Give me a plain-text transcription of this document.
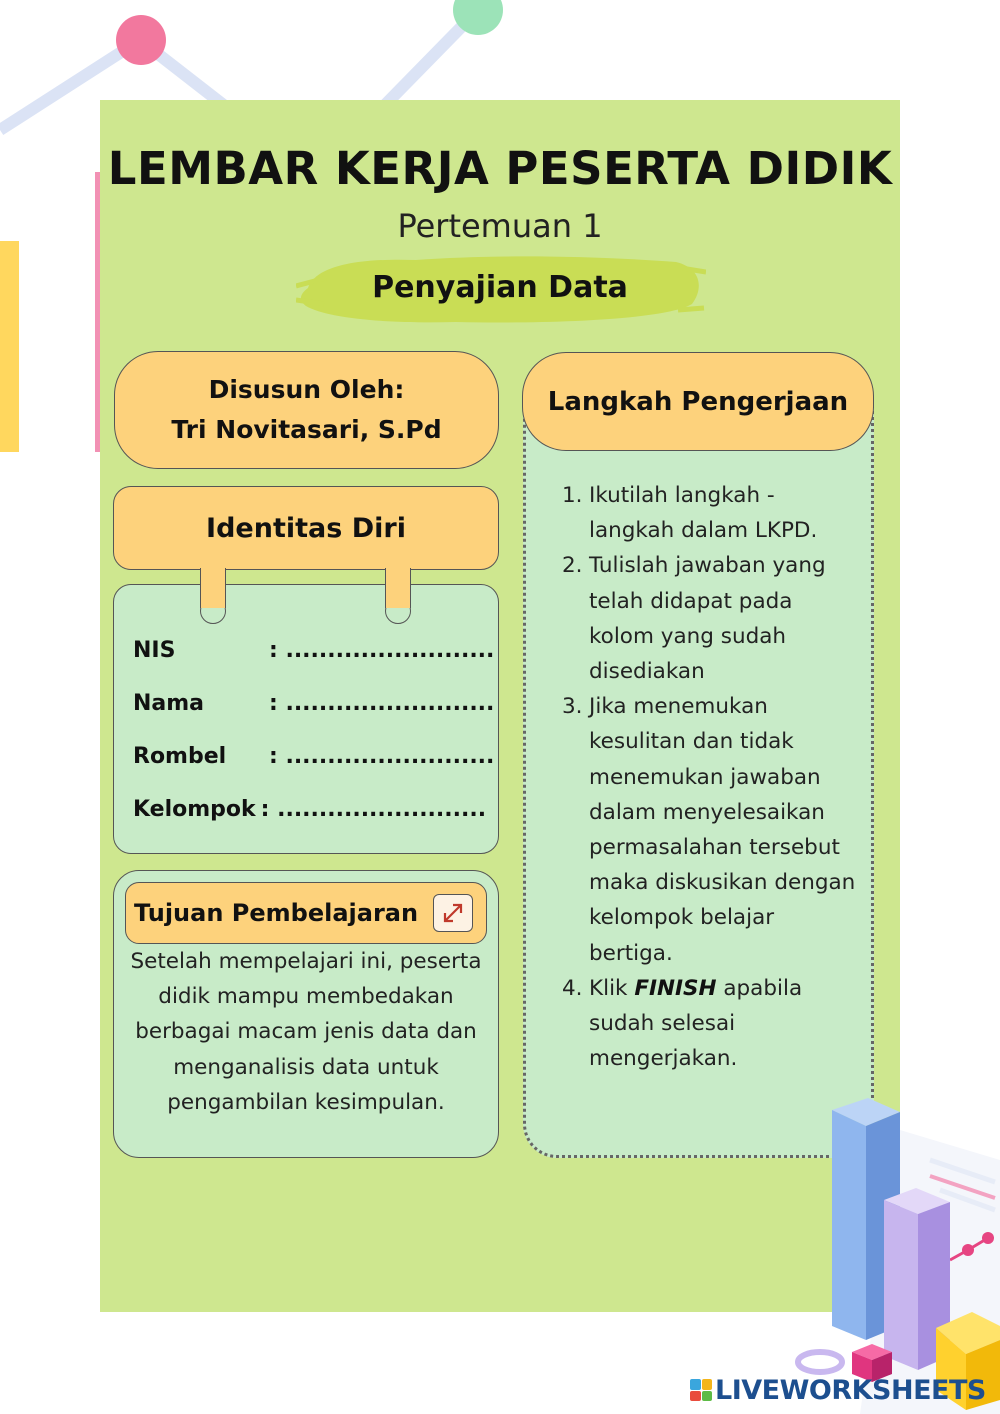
LEMBAR KERJA PESERTA DIDIK
Pertemuan 1
Penyajian Data
Disusun Oleh:
Tri Novitasari, S.Pd
Identitas Diri
NIS	: .........................
Nama	: .........................
Rombel : .........................
Kelompok : .........................
Tujuan Pembelajaran
Setelah mempelajari ini, peserta didik mampu membedakan berbagai macam jenis data dan menganalisis data untuk pengambilan kesimpulan.
Langkah Pengerjaan
1. Ikutilah langkah - langkah dalam LKPD.
2. Tulislah jawaban yang telah didapat pada kolom yang sudah disediakan
3. Jika menemukan kesulitan dan tidak menemukan jawaban dalam menyelesaikan permasalahan tersebut maka diskusikan dengan kelompok belajar bertiga.
4. Klik FINISH apabila sudah selesai mengerjakan.
LIVEWORKSHEETS
